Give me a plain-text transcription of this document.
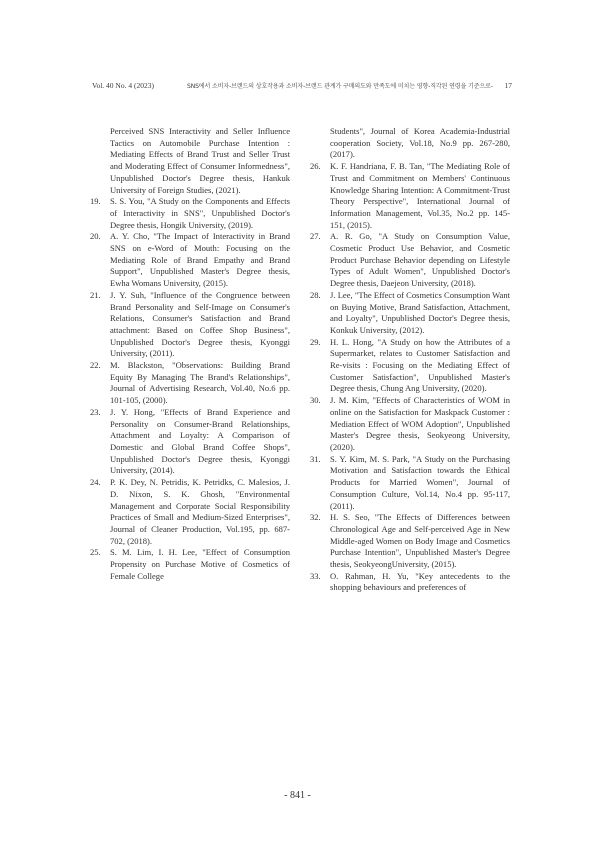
Vol. 40 No. 4 (2023)	SNS에서 소비자-브랜드의 상호작용과 소비자-브랜드 관계가 구매의도와 만족도에 미치는 영향-직각된 연령을 기준으로- 17
Perceived SNS Interactivity and Seller Influence Tactics on Automobile Purchase Intention : Mediating Effects of Brand Trust and Seller Trust and Moderating Effect of Consumer Informedness", Unpublished Doctor's Degree thesis, Hankuk University of Foreign Studies, (2021).
19. S. S. You, "A Study on the Components and Effects of Interactivity in SNS", Unpublished Doctor's Degree thesis, Hongik University, (2019).
20. A. Y. Cho, "The Impact of Interactivity in Brand SNS on e-Word of Mouth: Focusing on the Mediating Role of Brand Empathy and Brand Support", Unpublished Master's Degree thesis, Ewha Womans University, (2015).
21. J. Y. Suh, "Influence of the Congruence between Brand Personality and Self-Image on Consumer's Relations, Consumer's Satisfaction and Brand attachment: Based on Coffee Shop Business", Unpublished Doctor's Degree thesis, Kyonggi University, (2011).
22. M. Blackston, "Observations: Building Brand Equity By Managing The Brand's Relationships", Journal of Advertising Research, Vol.40, No.6 pp. 101-105, (2000).
23. J. Y. Hong, "Effects of Brand Experience and Personality on Consumer-Brand Relationships, Attachment and Loyalty: A Comparison of Domestic and Global Brand Coffee Shops", Unpublished Doctor's Degree thesis, Kyonggi University, (2014).
24. P. K. Dey, N. Petridis, K. Petridks, C. Malesios, J. D. Nixon, S. K. Ghosh, "Environmental Management and Corporate Social Responsibility Practices of Small and Medium-Sized Enterprises", Journal of Cleaner Production, Vol.195, pp. 687-702, (2018).
25. S. M. Lim, I. H. Lee, "Effect of Consumption Propensity on Purchase Motive of Cosmetics of Female College
Students", Journal of Korea Academia-Industrial cooperation Society, Vol.18, No.9 pp. 267-280, (2017).
26. K. F. Handriana, F. B. Tan, "The Mediating Role of Trust and Commitment on Members' Continuous Knowledge Sharing Intention: A Commitment-Trust Theory Perspective", International Journal of Information Management, Vol.35, No.2 pp. 145-151, (2015).
27. A. R. Go, "A Study on Consumption Value, Cosmetic Product Use Behavior, and Cosmetic Product Purchase Behavior depending on Lifestyle Types of Adult Women", Unpublished Doctor's Degree thesis, Daejeon University, (2018).
28. J. Lee, "The Effect of Cosmetics Consumption Want on Buying Motive, Brand Satisfaction, Attachment, and Loyalty", Unpublished Doctor's Degree thesis, Konkuk University, (2012).
29. H. L. Hong, "A Study on how the Attributes of a Supermarket, relates to Customer Satisfaction and Re-visits : Focusing on the Mediating Effect of Customer Satisfaction", Unpublished Master's Degree thesis, Chung Ang University, (2020).
30. J. M. Kim, "Effects of Characteristics of WOM in online on the Satisfaction for Maskpack Customer : Mediation Effect of WOM Adoption", Unpublished Master's Degree thesis, Seokyeong University, (2020).
31. S. Y. Kim, M. S. Park, "A Study on the Purchasing Motivation and Satisfaction towards the Ethical Products for Married Women", Journal of Consumption Culture, Vol.14, No.4 pp. 95-117, (2011).
32. H. S. Seo, "The Effects of Differences between Chronological Age and Self-perceived Age in New Middle-aged Women on Body Image and Cosmetics Purchase Intention", Unpublished Master's Degree thesis, SeokyeongUniversity, (2015).
33. O. Rahman, H. Yu, "Key antecedents to the shopping behaviours and preferences of
- 841 -
